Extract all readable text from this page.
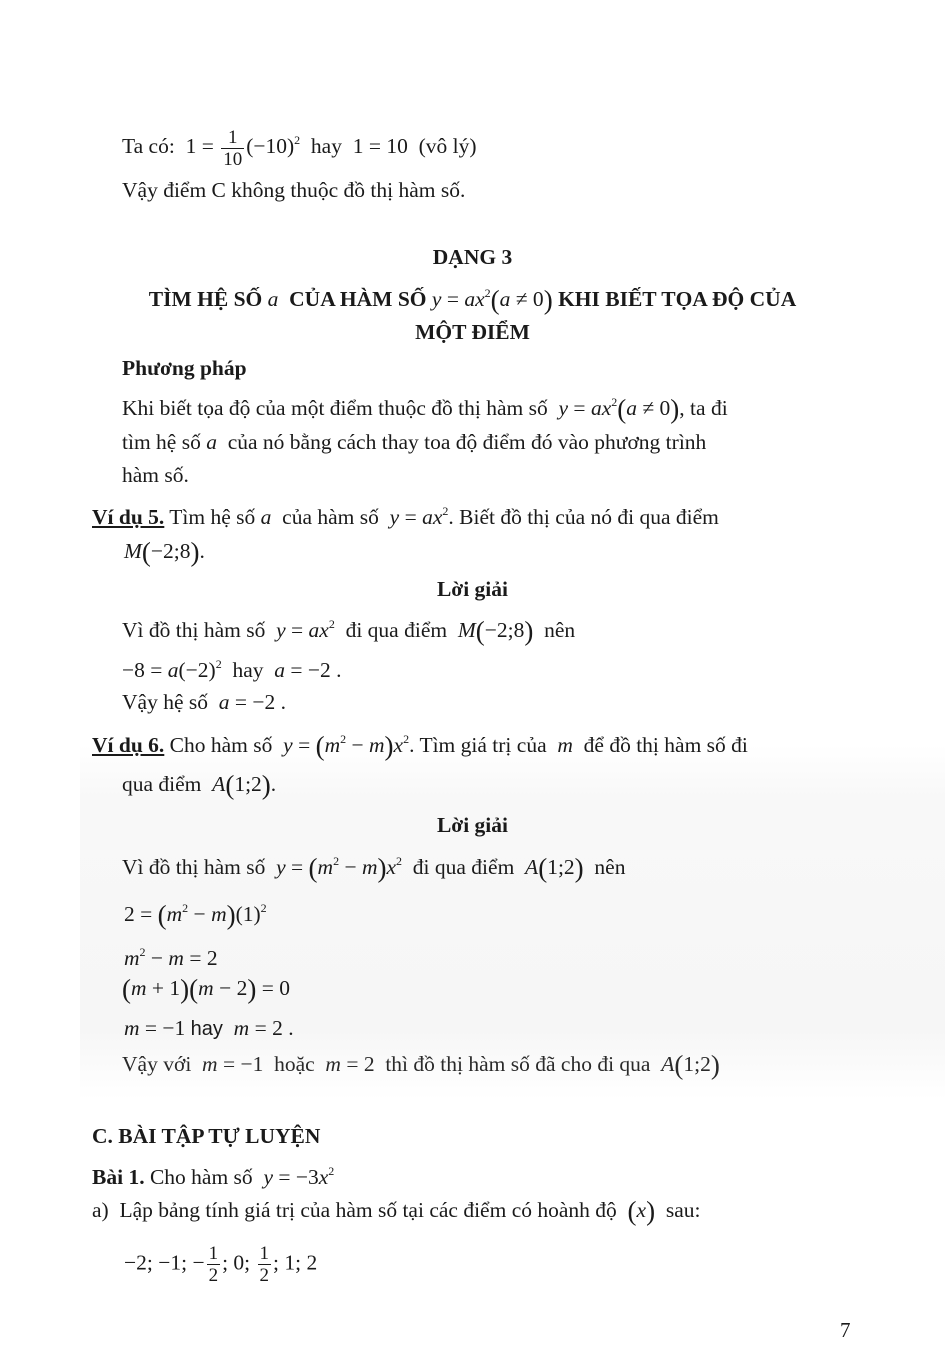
Ta có:  $1 = \frac{1}{10} (-10)^2$  hay  1 = 10  (vô lý)
Vậy điểm C không thuộc đồ thị hàm số.
DẠNG 3
TÌM HỆ SỐ a  CỦA HÀM SỐ $y = ax^2(a \ne 0)$ KHI BIẾT TỌA ĐỘ CỦA
MỘT ĐIỂM
Phương pháp
Khi biết tọa độ của một điểm thuộc đồ thị hàm số $y = ax^2(a \ne 0)$, ta đi
tìm hệ số a  của nó bằng cách thay toa độ điểm đó vào phương trình
hàm số.
Ví dụ 5. Tìm hệ số a  của hàm số  $y = ax^2$. Biết đồ thị của nó đi qua điểm
M(−2;8).
Lời giải
Vì đồ thị hàm số  $y = ax^2$  đi qua điểm  M(−2;8)  nên
$-8 = a(-2)^2$  hay  a = −2 .
Vậy hệ số  a = −2 .
Ví dụ 6. Cho hàm số  $y = (m^2 - m)x^2$. Tìm giá trị của  m  để đồ thị hàm số đi
qua điểm  A(1;2).
Lời giải
Vì đồ thị hàm số  $y = (m^2 - m)x^2$  đi qua điểm  A(1;2)  nên
$2 = (m^2 - m)(1)^2$
$m^2 - m = 2$
(m + 1)(m − 2) = 0
m = −1 hay m = 2 .
Vậy với  m = −1  hoặc  m = 2  thì đồ thị hàm số đã cho đi qua  A(1;2)
C. BÀI TẬP TỰ LUYỆN
Bài 1. Cho hàm số  $y = -3x^2$
a)  Lập bảng tính giá trị của hàm số tại các điểm có hoành độ  (x)  sau:
−2; −1; − $\frac{1}{2}$ ; 0; $\frac{1}{2}$ ; 1; 2
7
